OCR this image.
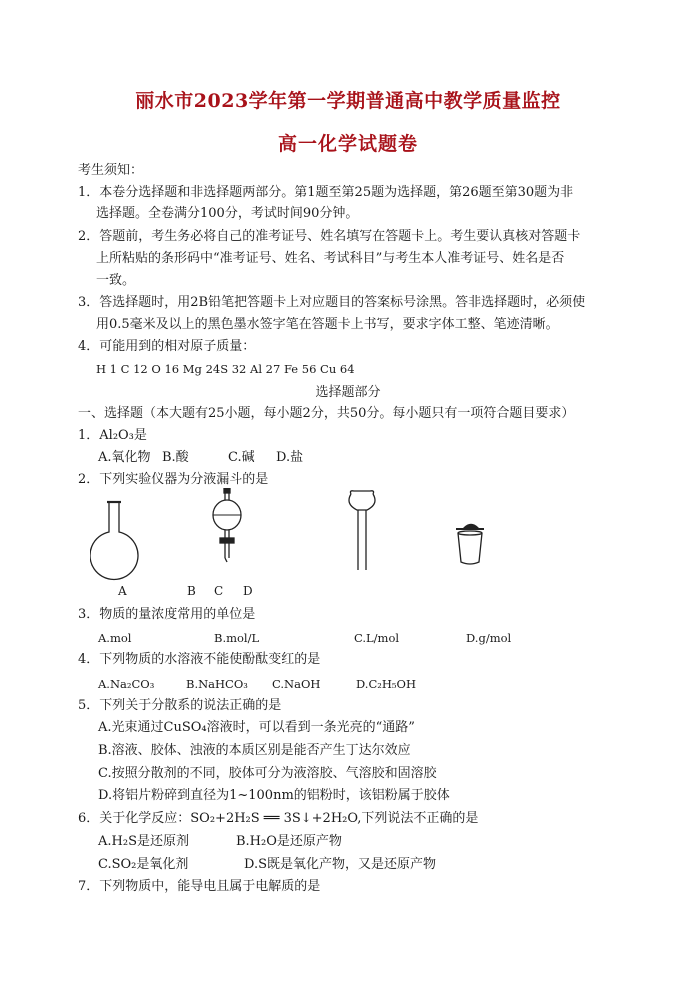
丽水市2023学年第一学期普通高中教学质量监控
高一化学试题卷
考生须知：
1．本卷分选择题和非选择题两部分。第1题至第25题为选择题，第26题至第30题为非
选择题。全卷满分100分，考试时间90分钟。
2．答题前，考生务必将自己的准考证号、姓名填写在答题卡上。考生要认真核对答题卡
上所粘贴的条形码中“准考证号、姓名、考试科目”与考生本人准考证号、姓名是否
一致。
3．答选择题时，用2B铅笔把答题卡上对应题目的答案标号涂黑。答非选择题时，必须使
用0.5毫米及以上的黑色墨水签字笔在答题卡上书写，要求字体工整、笔迹清晰。
4．可能用到的相对原子质量：
H 1 C 12 O 16 Mg 24S 32 Al 27 Fe 56 Cu 64
选择题部分
一、选择题（本大题有25小题，每小题2分，共50分。每小题只有一项符合题目要求）
1．Al₂O₃是
A.氧化物 B.酸	C.碱 D.盐
2．下列实验仪器为分液漏斗的是
A	B C D
3．物质的量浓度常用的单位是
A.mol	B.mol/L	C.L/mol	D.g/mol
4．下列物质的水溶液不能使酚酞变红的是
A.Na₂CO₃	B.NaHCO₃ C.NaOH	D.C₂H₅OH
5．下列关于分散系的说法正确的是
A.光束通过CuSO₄溶液时，可以看到一条光亮的“通路”
B.溶液、胶体、浊液的本质区别是能否产生丁达尔效应
C.按照分散剂的不同，胶体可分为液溶胶、气溶胶和固溶胶
D.将铝片粉碎到直径为1~100nm的铝粉时，该铝粉属于胶体
6．关于化学反应：SO₂+2H₂S ══ 3S↓+2H₂O,下列说法不正确的是
A.H₂S是还原剂	B.H₂O是还原产物
C.SO₂是氧化剂	D.S既是氧化产物，又是还原产物
7．下列物质中，能导电且属于电解质的是
